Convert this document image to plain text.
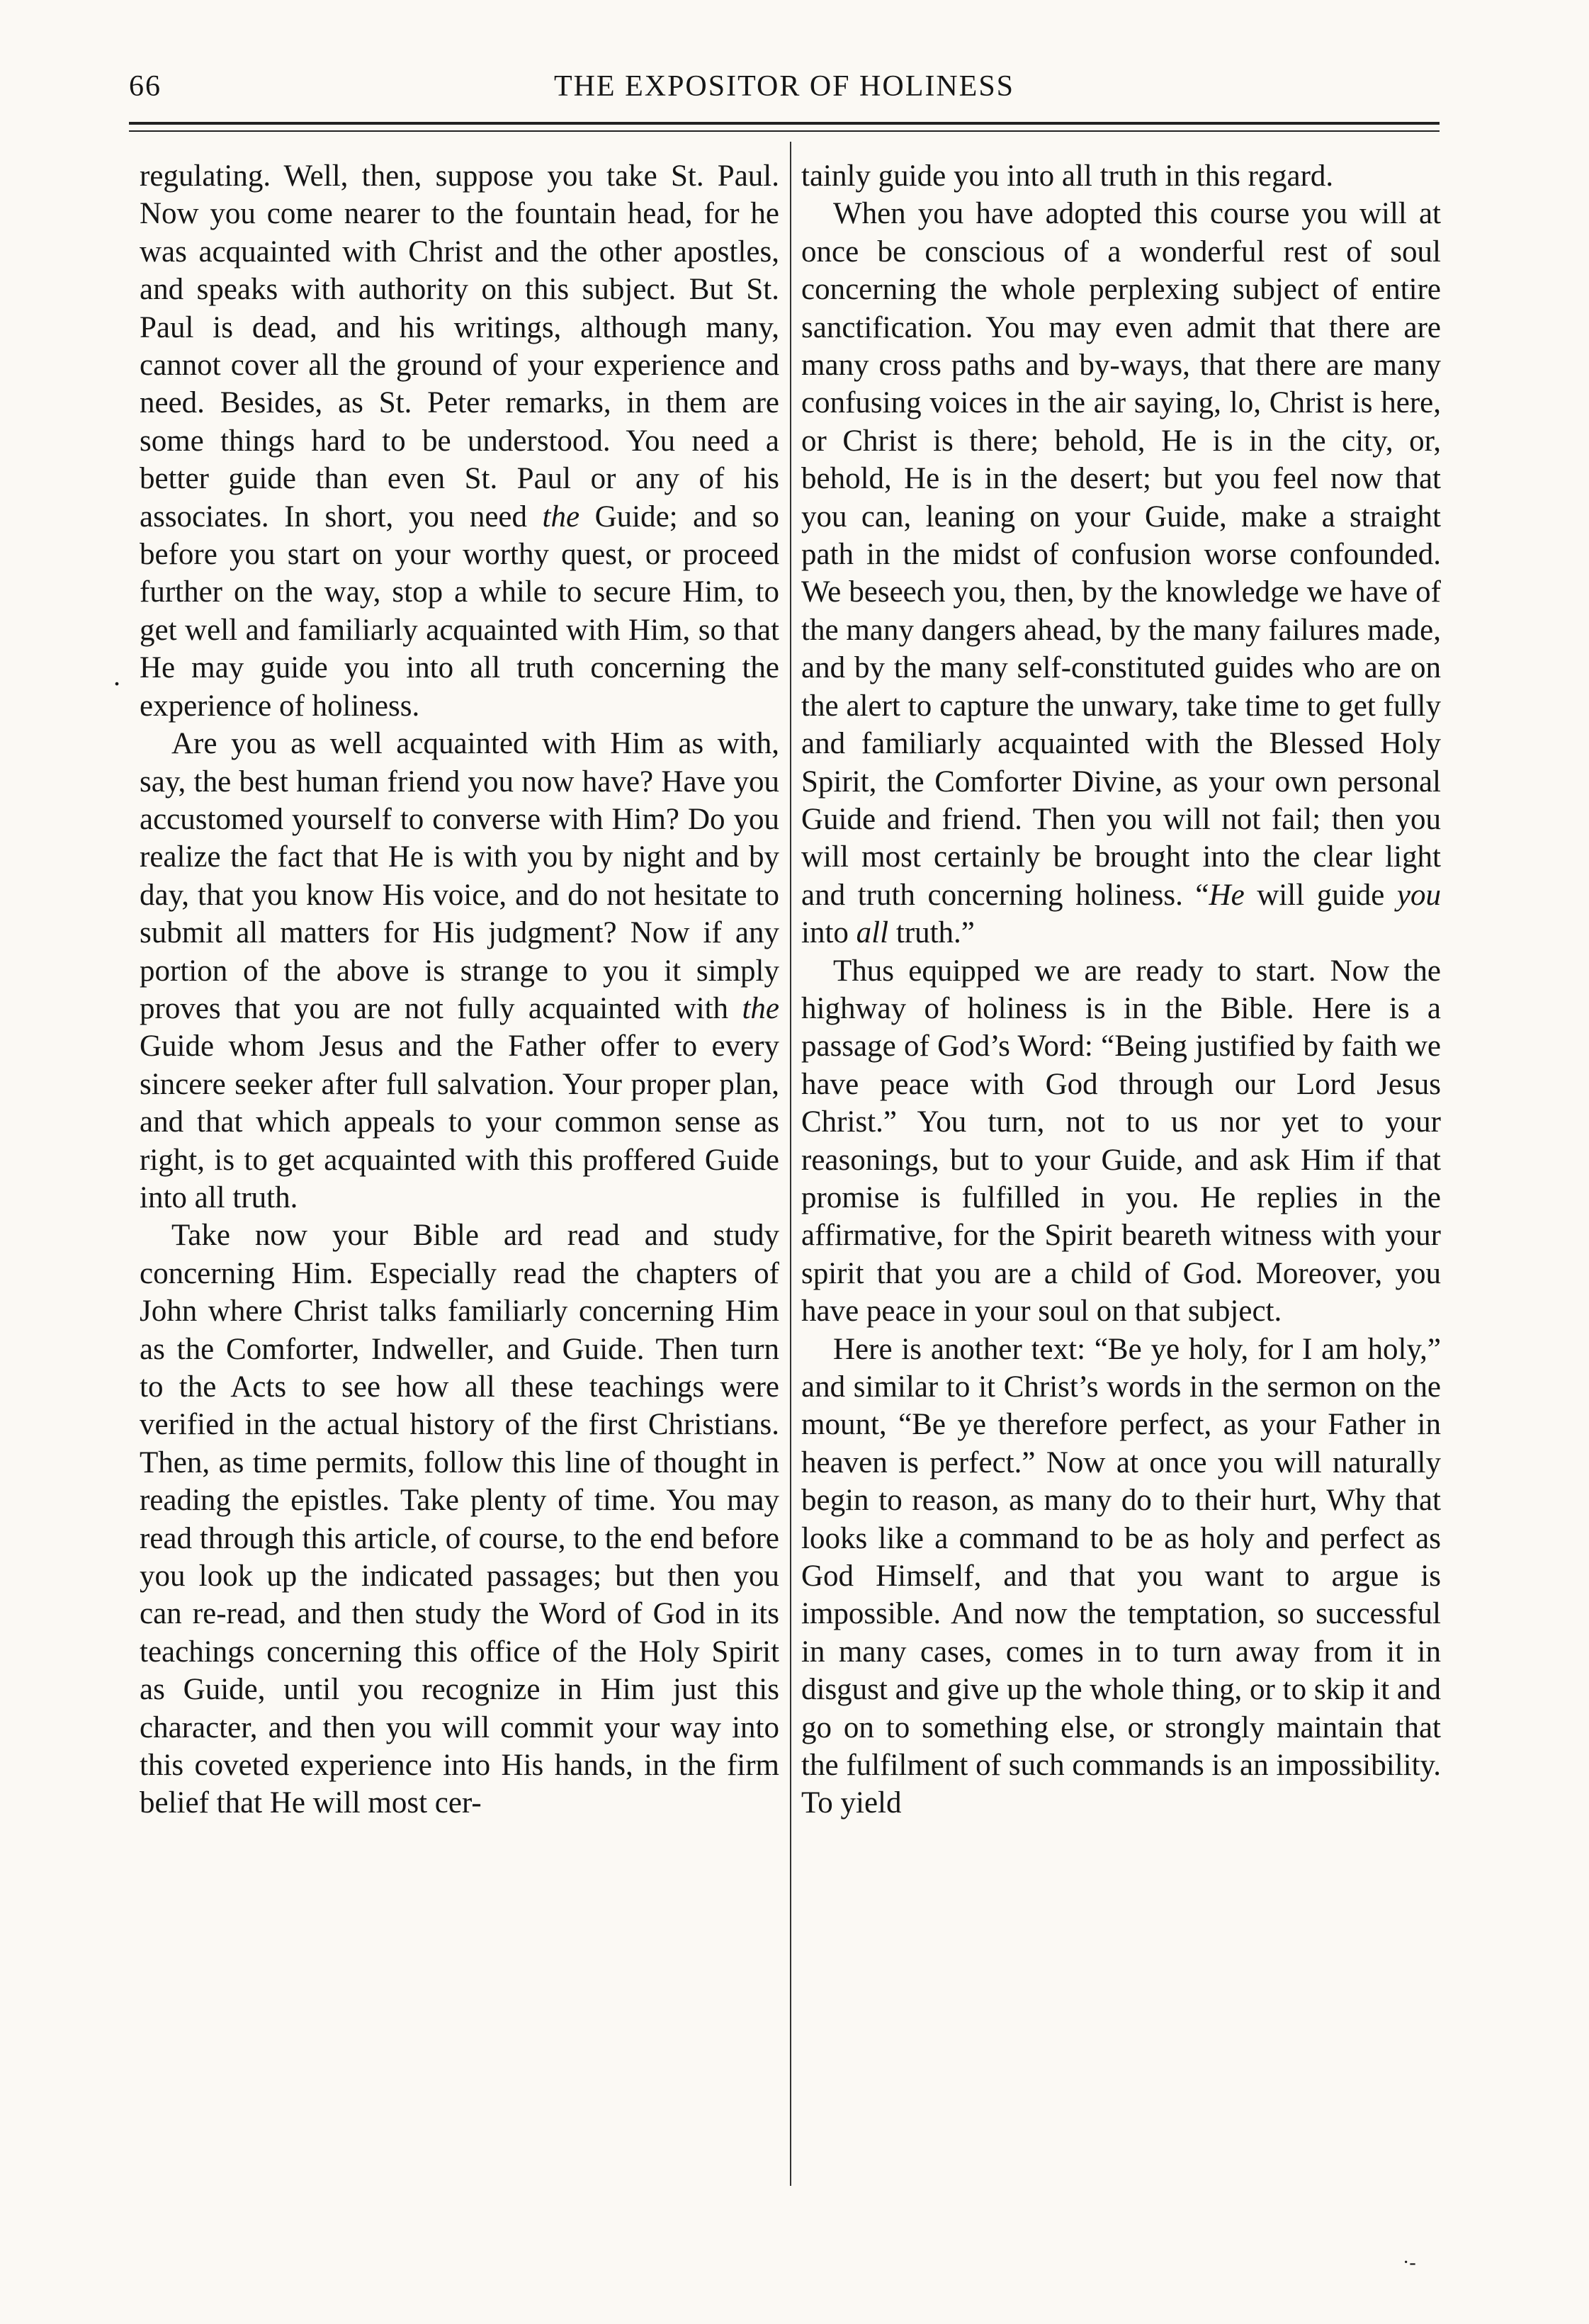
66	THE EXPOSITOR OF HOLINESS
.

regulating. Well, then, suppose you take St. Paul. Now you come nearer to the fountain head, for he was acquainted with Christ and the other apostles, and speaks with authority on this subject. But St. Paul is dead, and his writings, although many, cannot cover all the ground of your experience and need. Besides, as St. Peter remarks, in them are some things hard to be understood. You need a better guide than even St. Paul or any of his associates. In short, you need the Guide; and so before you start on your worthy quest, or proceed further on the way, stop a while to secure Him, to get well and familiarly acquainted with Him, so that He may guide you into all truth concerning the experience of holiness.

Are you as well acquainted with Him as with, say, the best human friend you now have? Have you accustomed yourself to converse with Him? Do you realize the fact that He is with you by night and by day, that you know His voice, and do not hesitate to submit all matters for His judgment? Now if any portion of the above is strange to you it simply proves that you are not fully acquainted with the Guide whom Jesus and the Father offer to every sincere seeker after full salvation. Your proper plan, and that which appeals to your common sense as right, is to get acquainted with this proffered Guide into all truth.

Take now your Bible ard read and study concerning Him. Especially read the chapters of John where Christ talks familiarly concerning Him as the Comforter, Indweller, and Guide. Then turn to the Acts to see how all these teachings were verified in the actual history of the first Christians. Then, as time permits, follow this line of thought in reading the epistles. Take plenty of time. You may read through this article, of course, to the end before you look up the indicated passages; but then you can re-read, and then study the Word of God in its teachings concerning this office of the Holy Spirit as Guide, until you recognize in Him just this character, and then you will commit your way into this coveted experience into His hands, in the firm belief that He will most cer-

tainly guide you into all truth in this regard.

When you have adopted this course you will at once be conscious of a wonderful rest of soul concerning the whole perplexing subject of entire sanctification. You may even admit that there are many cross paths and by-ways, that there are many confusing voices in the air saying, lo, Christ is here, or Christ is there; behold, He is in the city, or, behold, He is in the desert; but you feel now that you can, leaning on your Guide, make a straight path in the midst of confusion worse confounded. We beseech you, then, by the knowledge we have of the many dangers ahead, by the many failures made, and by the many self-constituted guides who are on the alert to capture the unwary, take time to get fully and familiarly acquainted with the Blessed Holy Spirit, the Comforter Divine, as your own personal Guide and friend. Then you will not fail; then you will most certainly be brought into the clear light and truth concerning holiness. “He will guide you into all truth.”

Thus equipped we are ready to start. Now the highway of holiness is in the Bible. Here is a passage of God’s Word: “Being justified by faith we have peace with God through our Lord Jesus Christ.” You turn, not to us nor yet to your reasonings, but to your Guide, and ask Him if that promise is fulfilled in you. He replies in the affirmative, for the Spirit beareth witness with your spirit that you are a child of God. Moreover, you have peace in your soul on that subject.

Here is another text: “Be ye holy, for I am holy,” and similar to it Christ’s words in the sermon on the mount, “Be ye therefore perfect, as your Father in heaven is perfect.” Now at once you will naturally begin to reason, as many do to their hurt, Why that looks like a command to be as holy and perfect as God Himself, and that you want to argue is impossible. And now the temptation, so successful in many cases, comes in to turn away from it in disgust and give up the whole thing, or to skip it and go on to something else, or strongly maintain that the fulfilment of such commands is an impossibility. To yield

·-
